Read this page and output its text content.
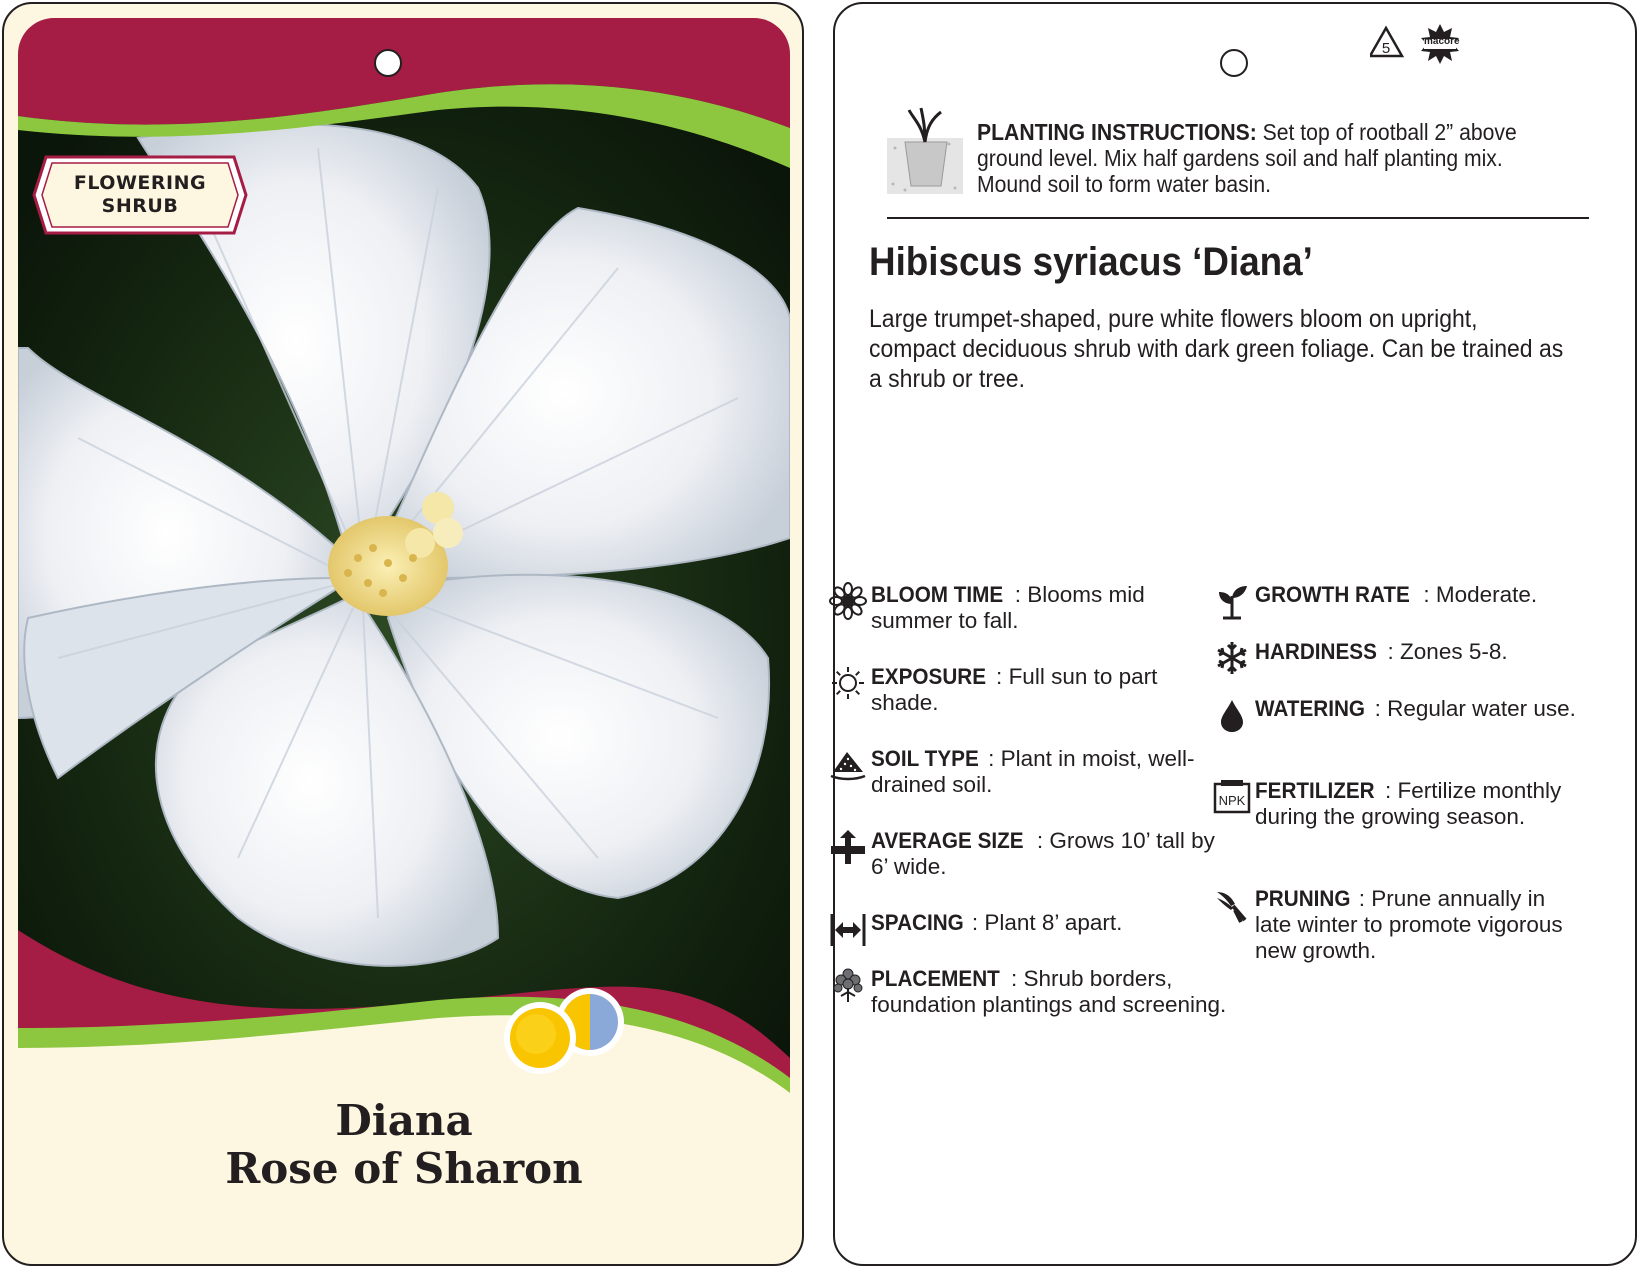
FLOWERING
SHRUB
Diana
Rose of Sharon
5	macore
PLANTING INSTRUCTIONS: Set top of rootball 2” above ground level. Mix half gardens soil and half planting mix. Mound soil to form water basin.
Hibiscus syriacus ‘Diana’
Large trumpet-shaped, pure white flowers bloom on upright, compact deciduous shrub with dark green foliage. Can be trained as a shrub or tree.
BLOOM TIME : Blooms mid summer to fall.
EXPOSURE : Full sun to part shade.
SOIL TYPE : Plant in moist, well-drained soil.
AVERAGE SIZE : Grows 10’ tall by 6’ wide.
SPACING : Plant 8’ apart.
PLACEMENT : Shrub borders, foundation plantings and screening.
GROWTH RATE : Moderate.
HARDINESS : Zones 5-8.
WATERING : Regular water use.
NPK FERTILIZER : Fertilize monthly during the growing season.
PRUNING : Prune annually in late winter to promote vigorous new growth.
